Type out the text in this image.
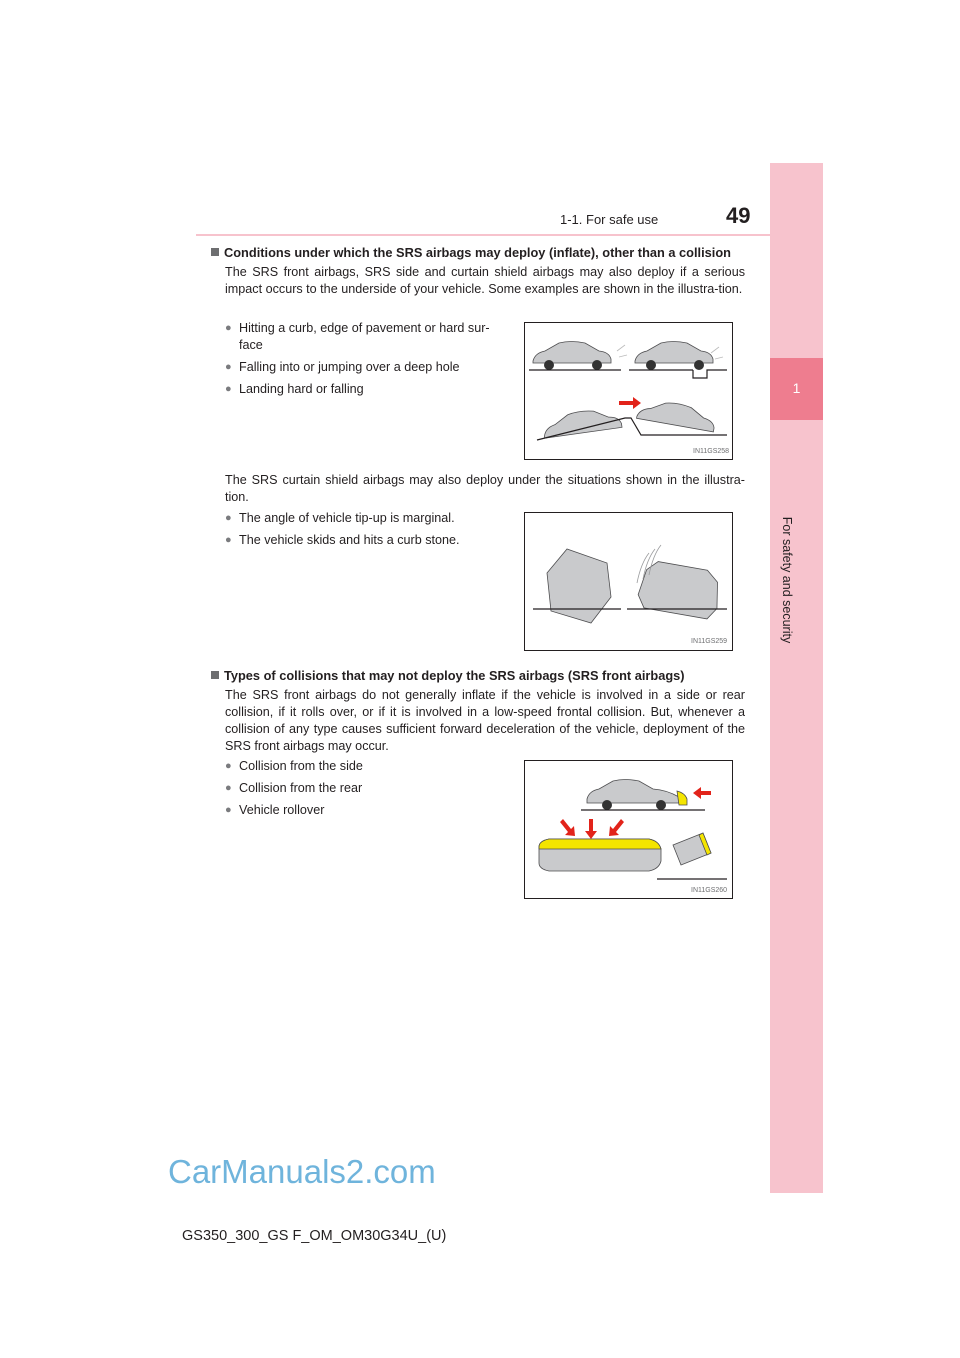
1
For safety and security
1-1. For safe use	49
Conditions under which the SRS airbags may deploy (inflate), other than a collision
The SRS front airbags, SRS side and curtain shield airbags may also deploy if a serious impact occurs to the underside of your vehicle. Some examples are shown in the illustra-tion.
● Hitting a curb, edge of pavement or hard sur-face
● Falling into or jumping over a deep hole
● Landing hard or falling
IN11GS258
The SRS curtain shield airbags may also deploy under the situations shown in the illustra-tion.
● The angle of vehicle tip-up is marginal.
● The vehicle skids and hits a curb stone.
IN11GS259
Types of collisions that may not deploy the SRS airbags (SRS front airbags)
The SRS front airbags do not generally inflate if the vehicle is involved in a side or rear collision, if it rolls over, or if it is involved in a low-speed frontal collision. But, whenever a collision of any type causes sufficient forward deceleration of the vehicle, deployment of the SRS front airbags may occur.
● Collision from the side
● Collision from the rear
● Vehicle rollover
IN11GS260
CarManuals2.com
GS350_300_GS F_OM_OM30G34U_(U)
